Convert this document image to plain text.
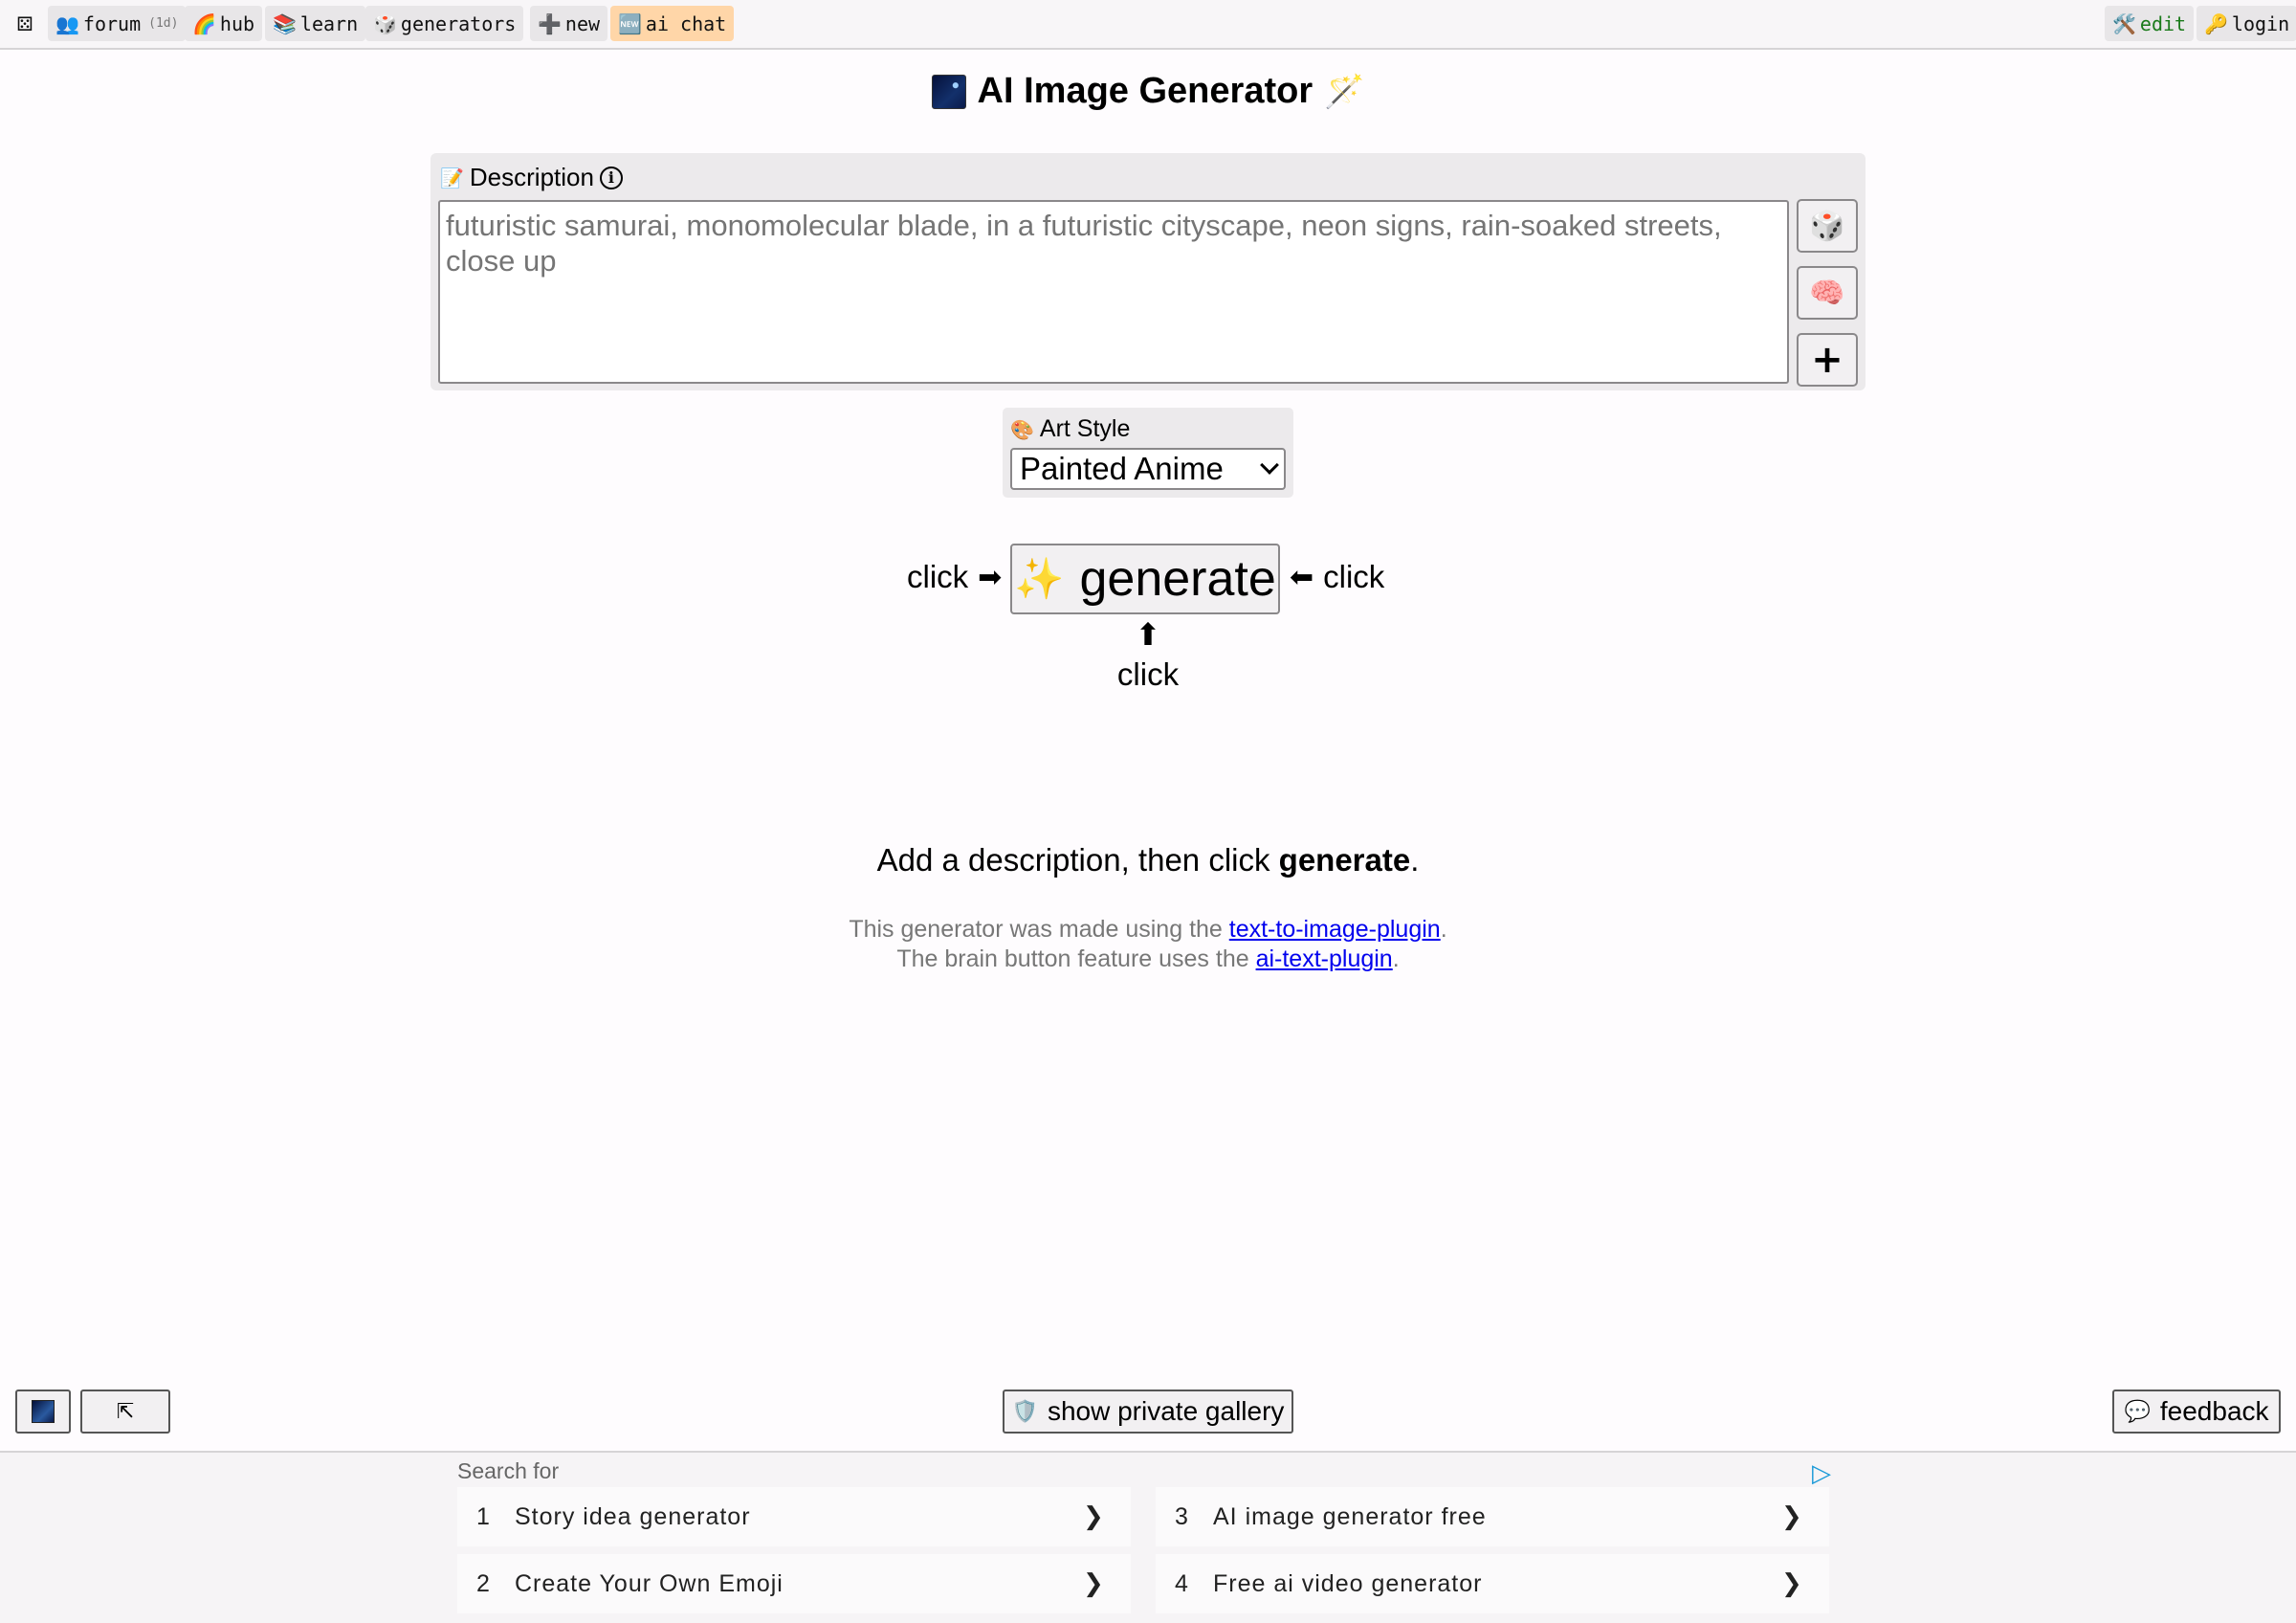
⚄ 👥 forum (1d) 🌈 hub 📚 learn 🎲 generators ➕ new 🆕 ai chat	🛠️ edit 🔑 login
AI Image Generator 🪄
📝 Description i
futuristic samurai, monomolecular blade, in a futuristic cityscape, neon signs, rain-soaked streets, close up
🎲
🧠
+
🎨 Art Style
Painted Anime
click ➡ ✨ generate ⬅ click
⬆
click
Add a description, then click generate.
This generator was made using the text-to-image-plugin.
The brain button feature uses the ai-text-plugin.
⇱	🛡️ show private gallery	💬 feedback
Search for	▷
1	Story idea generator	❯
2	Create Your Own Emoji	❯
3	AI image generator free	❯
4	Free ai video generator	❯
